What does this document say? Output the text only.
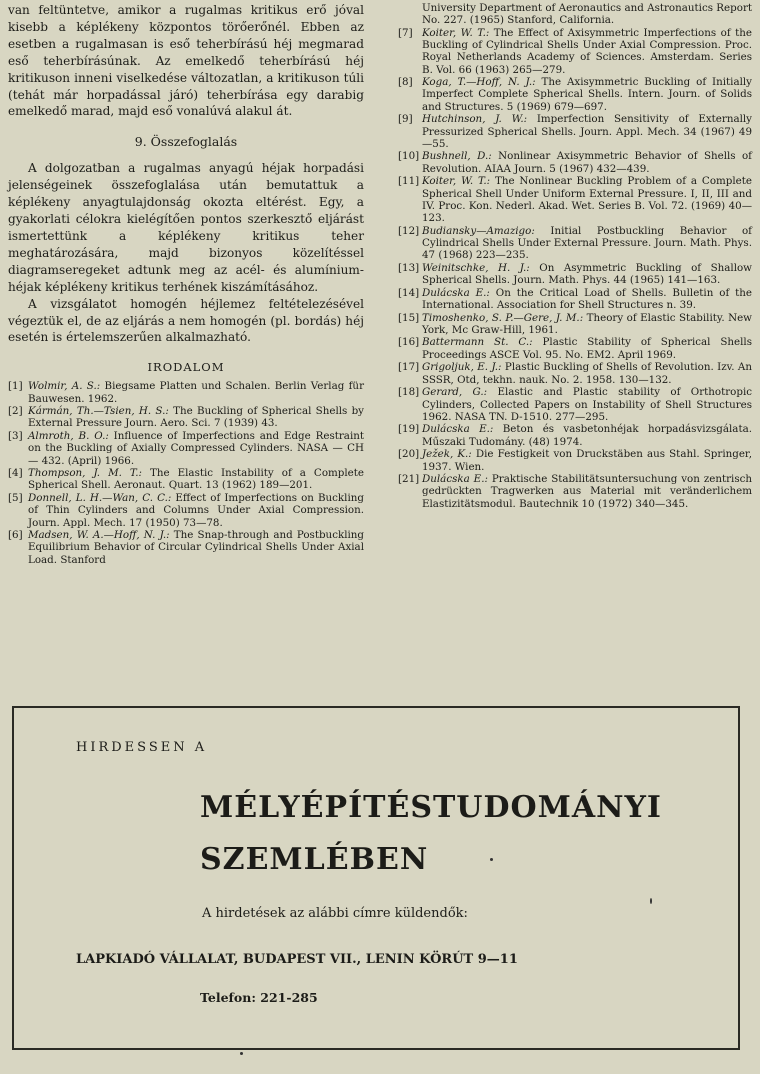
van feltüntetve, amikor a rugalmas kritikus erő jóval kisebb a képlékeny központos törőerőnél. Ebben az esetben a rugalmasan is eső teherbírású héj megmarad eső teherbírásúnak. Az emelkedő teherbírású héj kritikuson inneni viselkedése változatlan, a kritikuson túli (tehát már horpadással járó) teherbírása egy darabig emelkedő marad, majd eső vonalúvá alakul át.

9. Összefoglalás

A dolgozatban a rugalmas anyagú héjak horpadási jelenségeinek összefoglalása után bemutattuk a képlékeny anyagtulajdonság okozta eltérést. Egy, a gyakorlati célokra kielégítően pontos szerkesztő eljárást ismertettünk a képlékeny kritikus teher meghatározására, majd bizonyos közelítéssel diagramseregeket adtunk meg az acél- és alumínium-héjak képlékeny kritikus terhének kiszámításához.

A vizsgálatot homogén héjlemez feltételezésével végeztük el, de az eljárás a nem homogén (pl. bordás) héj esetén is értelemszerűen alkalmazható.

IRODALOM
[1] Wolmir, A. S.: Biegsame Platten und Schalen. Berlin Verlag für Bauwesen. 1962.
[2] Kármán, Th.—Tsien, H. S.: The Buckling of Spherical Shells by External Pressure Journ. Aero. Sci. 7 (1939) 43.
[3] Almroth, B. O.: Influence of Imperfections and Edge Restraint on the Buckling of Axially Compressed Cylinders. NASA — CH — 432. (April) 1966.
[4] Thompson, J. M. T.: The Elastic Instability of a Complete Spherical Shell. Aeronaut. Quart. 13 (1962) 189—201.
[5] Donnell, L. H.—Wan, C. C.: Effect of Imperfections on Buckling of Thin Cylinders and Columns Under Axial Compression. Journ. Appl. Mech. 17 (1950) 73—78.
[6] Madsen, W. A.—Hoff, N. J.: The Snap-through and Postbuckling Equilibrium Behavior of Circular Cylindrical Shells Under Axial Load. Stanford
University Department of Aeronautics and Astronautics Report No. 227. (1965) Stanford, California.
[7] Koiter, W. T.: The Effect of Axisymmetric Imperfections of the Buckling of Cylindrical Shells Under Axial Compression. Proc. Royal Netherlands Academy of Sciences. Amsterdam. Series B. Vol. 66 (1963) 265—279.
[8] Koga, T.—Hoff, N. J.: The Axisymmetric Buckling of Initially Imperfect Complete Spherical Shells. Intern. Journ. of Solids and Structures. 5 (1969) 679—697.
[9] Hutchinson, J. W.: Imperfection Sensitivity of Externally Pressurized Spherical Shells. Journ. Appl. Mech. 34 (1967) 49—55.
[10] Bushnell, D.: Nonlinear Axisymmetric Behavior of Shells of Revolution. AIAA Journ. 5 (1967) 432—439.
[11] Koiter, W. T.: The Nonlinear Buckling Problem of a Complete Spherical Shell Under Uniform External Pressure. I, II, III and IV. Proc. Kon. Nederl. Akad. Wet. Series B. Vol. 72. (1969) 40—123.
[12] Budiansky—Amazigo: Initial Postbuckling Behavior of Cylindrical Shells Under External Pressure. Journ. Math. Phys. 47 (1968) 223—235.
[13] Weinitschke, H. J.: On Asymmetric Buckling of Shallow Spherical Shells. Journ. Math. Phys. 44 (1965) 141—163.
[14] Dulácska E.: On the Critical Load of Shells. Bulletin of the International. Association for Shell Structures n. 39.
[15] Timoshenko, S. P.—Gere, J. M.: Theory of Elastic Stability. New York, Mc Graw-Hill, 1961.
[16] Battermann St. C.: Plastic Stability of Spherical Shells Proceedings ASCE Vol. 95. No. EM2. April 1969.
[17] Grigoljuk, E. J.: Plastic Buckling of Shells of Revolution. Izv. An SSSR, Otd, tekhn. nauk. No. 2. 1958. 130—132.
[18] Gerard, G.: Elastic and Plastic stability of Orthotropic Cylinders, Collected Papers on Instability of Shell Structures 1962. NASA TN. D-1510. 277—295.
[19] Dulácska E.: Beton és vasbetonhéjak horpadásvizsgálata. Műszaki Tudomány. (48) 1974.
[20] Ježek, K.: Die Festigkeit von Druckstäben aus Stahl. Springer, 1937. Wien.
[21] Dulácska E.: Praktische Stabilitätsuntersuchung von zentrisch gedrückten Tragwerken aus Material mit veränderlichem Elastizitätsmodul. Bautechnik 10 (1972) 340—345.
HIRDESSEN A
MÉLYÉPÍTÉSTUDOMÁNYI
SZEMLÉBEN
A hirdetések az alábbi címre küldendők:
LAPKIADÓ VÁLLALAT, BUDAPEST VII., LENIN KÖRÚT 9—11
Telefon: 221-285
